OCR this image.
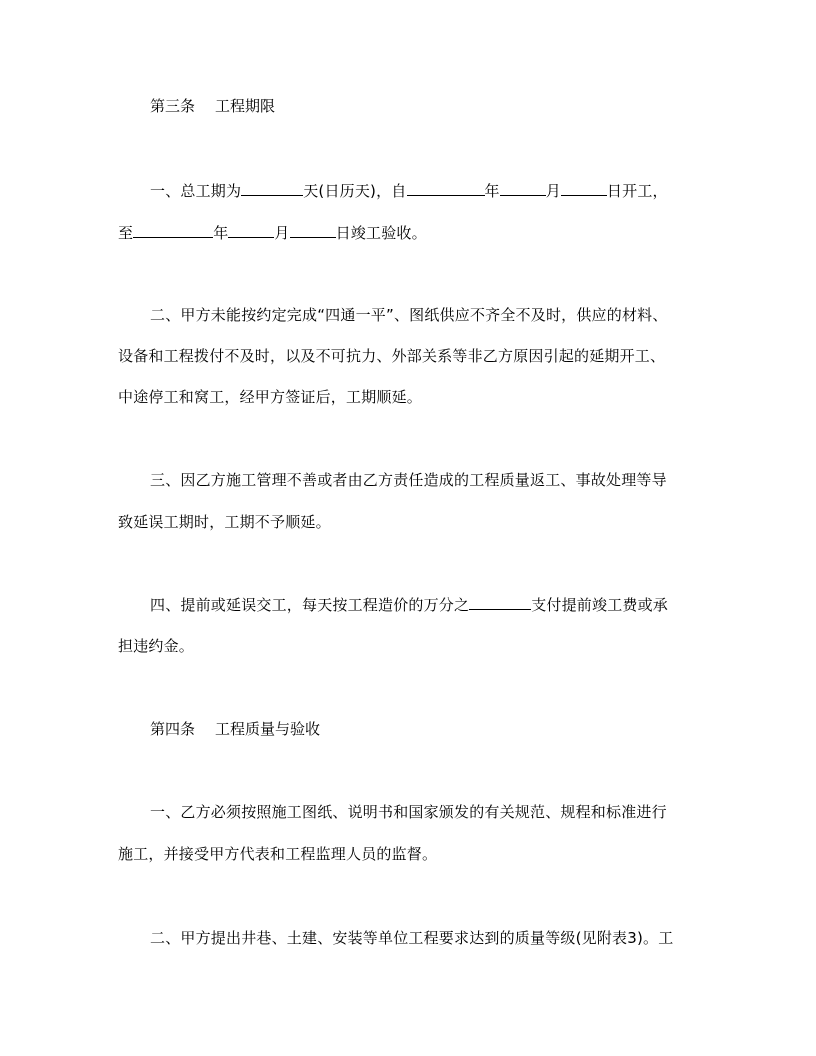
第三条 工程期限
一、总工期为	天(日历天)，自	年	月	日开工，
至	年	月	日竣工验收。
二、甲方未能按约定完成“四通一平”、图纸供应不齐全不及时，供应的材料、
设备和工程拨付不及时，以及不可抗力、外部关系等非乙方原因引起的延期开工、
中途停工和窝工，经甲方签证后，工期顺延。
三、因乙方施工管理不善或者由乙方责任造成的工程质量返工、事故处理等导
致延误工期时，工期不予顺延。
四、提前或延误交工，每天按工程造价的万分之	支付提前竣工费或承
担违约金。
第四条 工程质量与验收
一、乙方必须按照施工图纸、说明书和国家颁发的有关规范、规程和标准进行
施工，并接受甲方代表和工程监理人员的监督。
二、甲方提出井巷、土建、安装等单位工程要求达到的质量等级(见附表3)。工
